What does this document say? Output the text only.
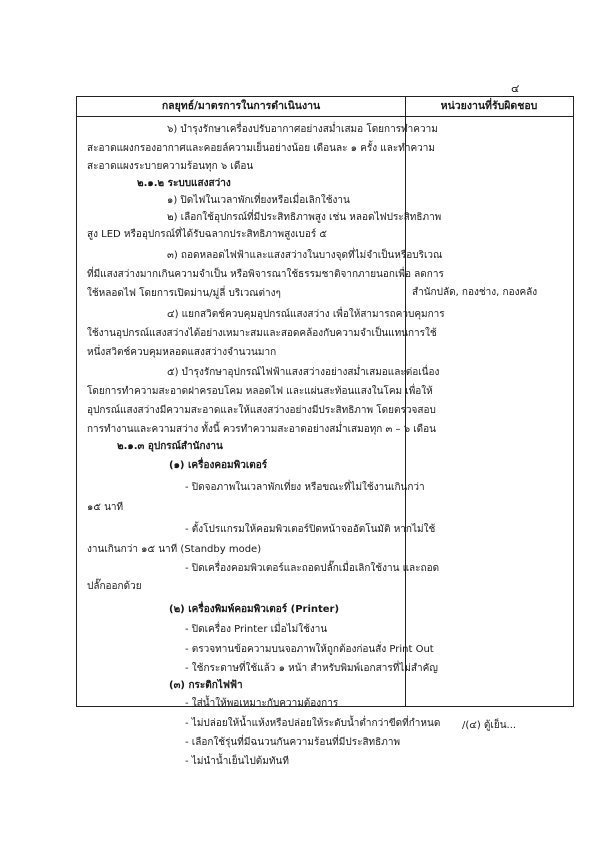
๔
กลยุทธ์/มาตรการในการดำเนินงาน	หน่วยงานที่รับผิดชอบ
๖) บำรุงรักษาเครื่องปรับอากาศอย่างสม่ำเสมอ โดยการทำความ
สะอาดแผงกรองอากาศและคอยล์ความเย็นอย่างน้อย เดือนละ ๑ ครั้ง และทำความ
สะอาดแผงระบายความร้อนทุก ๖ เดือน
๒.๑.๒ ระบบแสงสว่าง
๑) ปิดไฟในเวลาพักเที่ยงหรือเมื่อเลิกใช้งาน
๒) เลือกใช้อุปกรณ์ที่มีประสิทธิภาพสูง เช่น หลอดไฟประสิทธิภาพ
สูง LED หรืออุปกรณ์ที่ได้รับฉลากประสิทธิภาพสูงเบอร์ ๕
๓) ถอดหลอดไฟฟ้าและแสงสว่างในบางจุดที่ไม่จำเป็นหรือบริเวณ
ที่มีแสงสว่างมากเกินความจำเป็น หรือพิจารณาใช้ธรรมชาติจากภายนอกเพื่อ ลดการ
ใช้หลอดไฟ โดยการเปิดม่าน/มู่ลี่ บริเวณต่างๆ
๔) แยกสวิตช์ควบคุมอุปกรณ์แสงสว่าง เพื่อให้สามารถควบคุมการ
ใช้งานอุปกรณ์แสงสว่างได้อย่างเหมาะสมและสอดคล้องกับความจำเป็นแทนการใช้
หนึ่งสวิตช์ควบคุมหลอดแสงสว่างจำนวนมาก
๕) บำรุงรักษาอุปกรณ์ไฟฟ้าแสงสว่างอย่างสม่ำเสมอและต่อเนื่อง
โดยการทำความสะอาดฝาครอบโคม หลอดไฟ และแผ่นสะท้อนแสงในโคม เพื่อให้
อุปกรณ์แสงสว่างมีความสะอาดและให้แสงสว่างอย่างมีประสิทธิภาพ โดยตรวจสอบ
การทำงานและความสว่าง ทั้งนี้ ควรทำความสะอาดอย่างสม่ำเสมอทุก ๓ – ๖ เดือน
๒.๑.๓ อุปกรณ์สำนักงาน
(๑) เครื่องคอมพิวเตอร์
- ปิดจอภาพในเวลาพักเที่ยง หรือขณะที่ไม่ใช้งานเกินกว่า
๑๕ นาที
- ตั้งโปรแกรมให้คอมพิวเตอร์ปิดหน้าจออัตโนมัติ หากไม่ใช้
งานเกินกว่า ๑๕ นาที (Standby mode)
- ปิดเครื่องคอมพิวเตอร์และถอดปลั๊กเมื่อเลิกใช้งาน และถอด
ปลั๊กออกด้วย
(๒) เครื่องพิมพ์คอมพิวเตอร์ (Printer)
- ปิดเครื่อง Printer เมื่อไม่ใช้งาน
- ตรวจทานข้อความบนจอภาพให้ถูกต้องก่อนสั่ง Print Out
- ใช้กระดาษที่ใช้แล้ว ๑ หน้า สำหรับพิมพ์เอกสารที่ไม่สำคัญ
(๓) กระติกไฟฟ้า
- ใส่น้ำให้พอเหมาะกับความต้องการ
- ไม่ปล่อยให้น้ำแห้งหรือปล่อยให้ระดับน้ำต่ำกว่าขีดที่กำหนด
- เลือกใช้รุ่นที่มีฉนวนกันความร้อนที่มีประสิทธิภาพ
- ไม่นำน้ำเย็นไปต้มทันที
สำนักปลัด, กองช่าง, กองคลัง
/(๔) ตู้เย็น...
